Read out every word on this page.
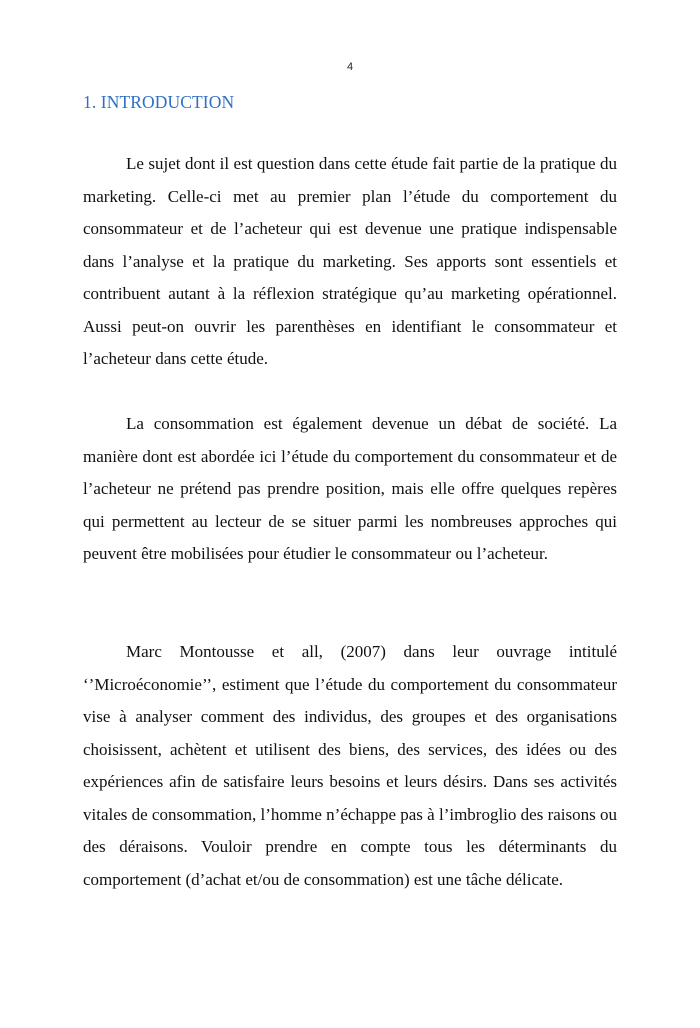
4
1. INTRODUCTION

Le sujet dont il est question dans cette étude fait partie de la pratique du marketing. Celle-ci met au premier plan l’étude du comportement du consommateur et de l’acheteur qui est devenue une pratique indispensable dans l’analyse et la pratique du marketing. Ses apports sont essentiels et contribuent autant à la réflexion stratégique qu’au marketing opérationnel. Aussi peut-on ouvrir les parenthèses en identifiant le consommateur et l’acheteur dans cette étude.

La consommation est également devenue un débat de société. La manière dont est abordée ici l’étude du comportement du consommateur et de l’acheteur ne prétend pas prendre position, mais elle offre quelques repères qui permettent au lecteur de se situer parmi les nombreuses approches qui peuvent être mobilisées pour étudier le consommateur ou l’acheteur.

Marc Montousse et all, (2007) dans leur ouvrage intitulé ‘’Microéconomie’’, estiment que l’étude du comportement du consommateur vise à analyser comment des individus, des groupes et des organisations choisissent, achètent et utilisent des biens, des services, des idées ou des expériences afin de satisfaire leurs besoins et leurs désirs. Dans ses activités vitales de consommation, l’homme n’échappe pas à l’imbroglio des raisons ou des déraisons. Vouloir prendre en compte tous les déterminants du comportement (d’achat et/ou de consommation) est une tâche délicate.
